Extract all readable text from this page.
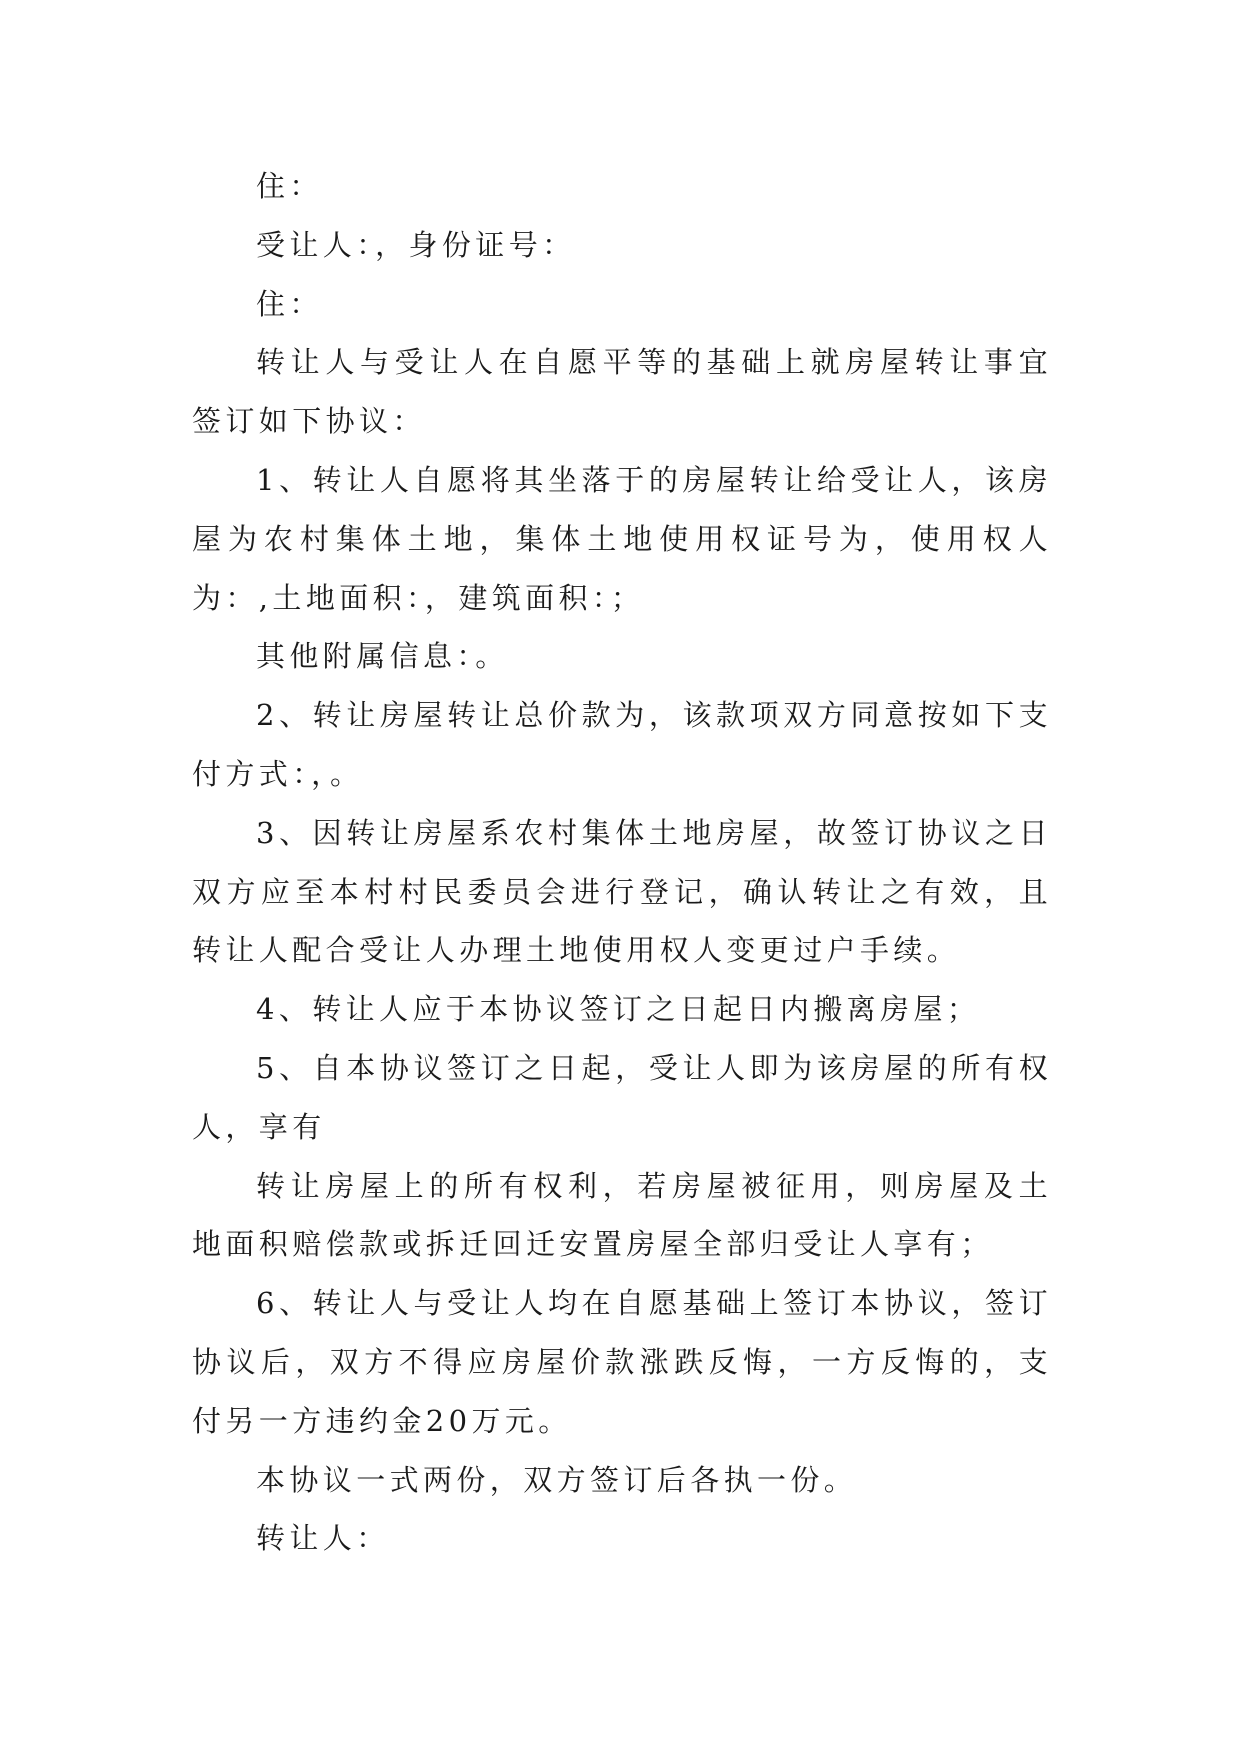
住：

受让人：，身份证号：

住：

转让人与受让人在自愿平等的基础上就房屋转让事宜签订如下协议：

1、转让人自愿将其坐落于的房屋转让给受让人，该房屋为农村集体土地，集体土地使用权证号为，使用权人为：,土地面积：，建筑面积：；

其他附属信息：。

2、转让房屋转让总价款为，该款项双方同意按如下支付方式：，。

3、因转让房屋系农村集体土地房屋，故签订协议之日双方应至本村村民委员会进行登记，确认转让之有效，且转让人配合受让人办理土地使用权人变更过户手续。

4、转让人应于本协议签订之日起日内搬离房屋；

5、自本协议签订之日起，受让人即为该房屋的所有权人，享有

转让房屋上的所有权利，若房屋被征用，则房屋及土地面积赔偿款或拆迁回迁安置房屋全部归受让人享有；

6、转让人与受让人均在自愿基础上签订本协议，签订协议后，双方不得应房屋价款涨跌反悔，一方反悔的，支付另一方违约金20万元。

本协议一式两份，双方签订后各执一份。

转让人：
